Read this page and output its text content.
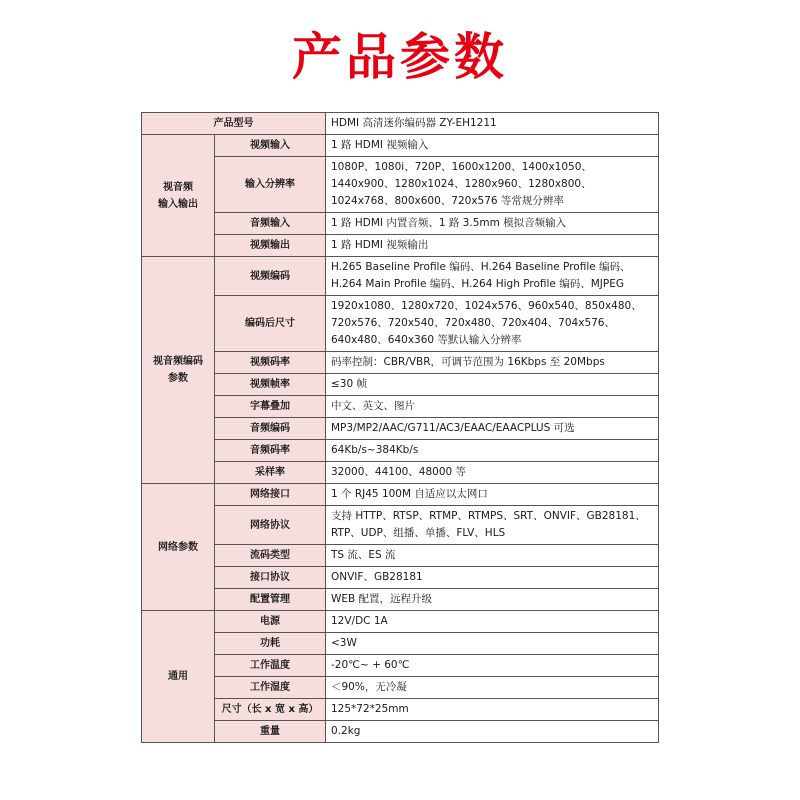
产品参数
产品型号		HDMI 高清迷你编码器 ZY-EH1211
视音频
输入输出	视频输入	1 路 HDMI 视频输入
	输入分辨率	1080P、1080i、720P、1600x1200、1400x1050、1440x900、1280x1024、1280x960、1280x800、1024x768、800x600、720x576 等常规分辨率
	音频输入	1 路 HDMI 内置音频、1 路 3.5mm 模拟音频输入
	视频输出	1 路 HDMI 视频输出
视音频编码
参数	视频编码	H.265 Baseline Profile 编码、H.264 Baseline Profile 编码、H.264 Main Profile 编码、H.264 High Profile 编码、MJPEG
	编码后尺寸	1920x1080、1280x720、1024x576、960x540、850x480、720x576、720x540、720x480、720x404、704x576、640x480、640x360 等默认输入分辨率
	视频码率	码率控制：CBR/VBR，可调节范围为 16Kbps 至 20Mbps
	视频帧率	≤30 帧
	字幕叠加	中文、英文、图片
	音频编码	MP3/MP2/AAC/G711/AC3/EAAC/EAACPLUS 可选
	音频码率	64Kb/s~384Kb/s
	采样率	32000、44100、48000 等
网络参数	网络接口	1 个 RJ45 100M 自适应以太网口
	网络协议	支持 HTTP、RTSP、RTMP、RTMPS、SRT、ONVIF、GB28181、RTP、UDP、组播、单播、FLV、HLS
	流码类型	TS 流、ES 流
	接口协议	ONVIF、GB28181
	配置管理	WEB 配置，远程升级
通用	电源	12V/DC 1A
	功耗	<3W
	工作温度	-20℃~ + 60℃
	工作湿度	＜90%，无冷凝
	尺寸（长 x 宽 x 高）	125*72*25mm
	重量	0.2kg
